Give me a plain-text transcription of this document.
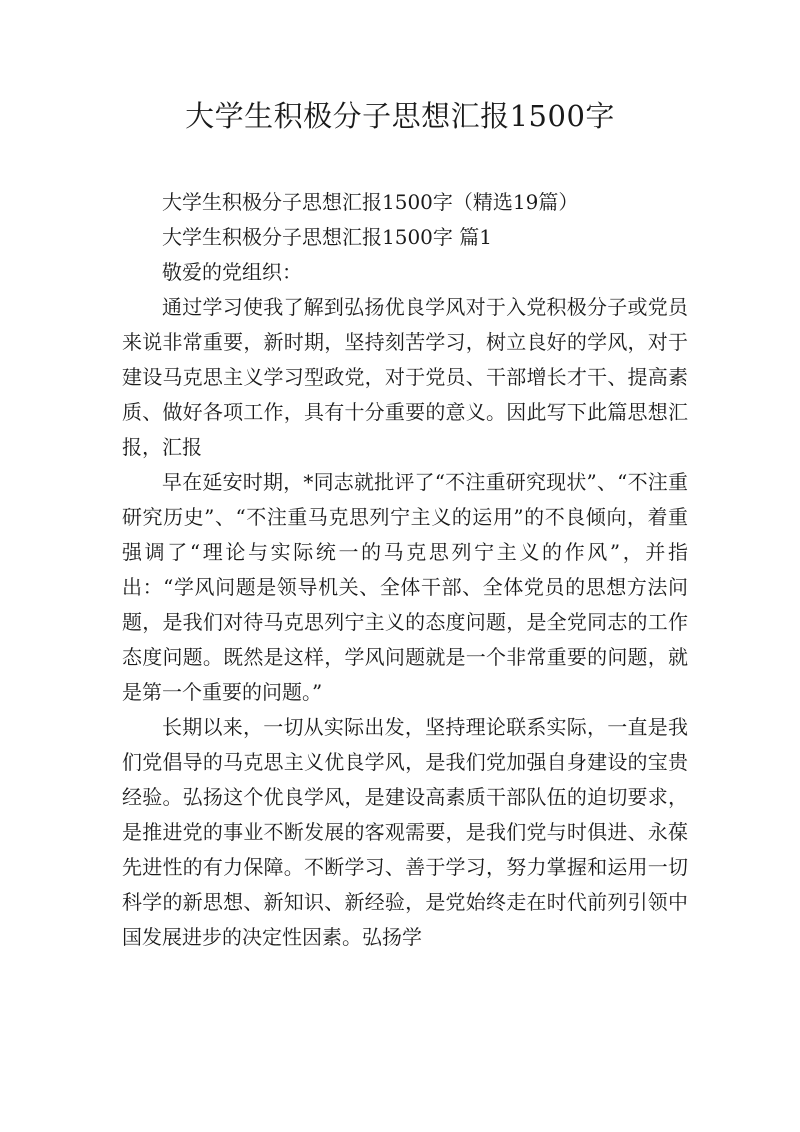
大学生积极分子思想汇报1500字

大学生积极分子思想汇报1500字（精选19篇）

大学生积极分子思想汇报1500字 篇1

敬爱的党组织：

通过学习使我了解到弘扬优良学风对于入党积极分子或党员来说非常重要，新时期，坚持刻苦学习，树立良好的学风，对于建设马克思主义学习型政党，对于党员、干部增长才干、提高素质、做好各项工作，具有十分重要的意义。因此写下此篇思想汇报，汇报

早在延安时期，*同志就批评了“不注重研究现状”、“不注重研究历史”、“不注重马克思列宁主义的运用”的不良倾向，着重强调了“理论与实际统一的马克思列宁主义的作风”，并指出：“学风问题是领导机关、全体干部、全体党员的思想方法问题，是我们对待马克思列宁主义的态度问题，是全党同志的工作态度问题。既然是这样，学风问题就是一个非常重要的问题，就是第一个重要的问题。”

长期以来，一切从实际出发，坚持理论联系实际，一直是我们党倡导的马克思主义优良学风，是我们党加强自身建设的宝贵经验。弘扬这个优良学风，是建设高素质干部队伍的迫切要求，是推进党的事业不断发展的客观需要，是我们党与时俱进、永葆先进性的有力保障。不断学习、善于学习，努力掌握和运用一切科学的新思想、新知识、新经验，是党始终走在时代前列引领中国发展进步的决定性因素。弘扬学
